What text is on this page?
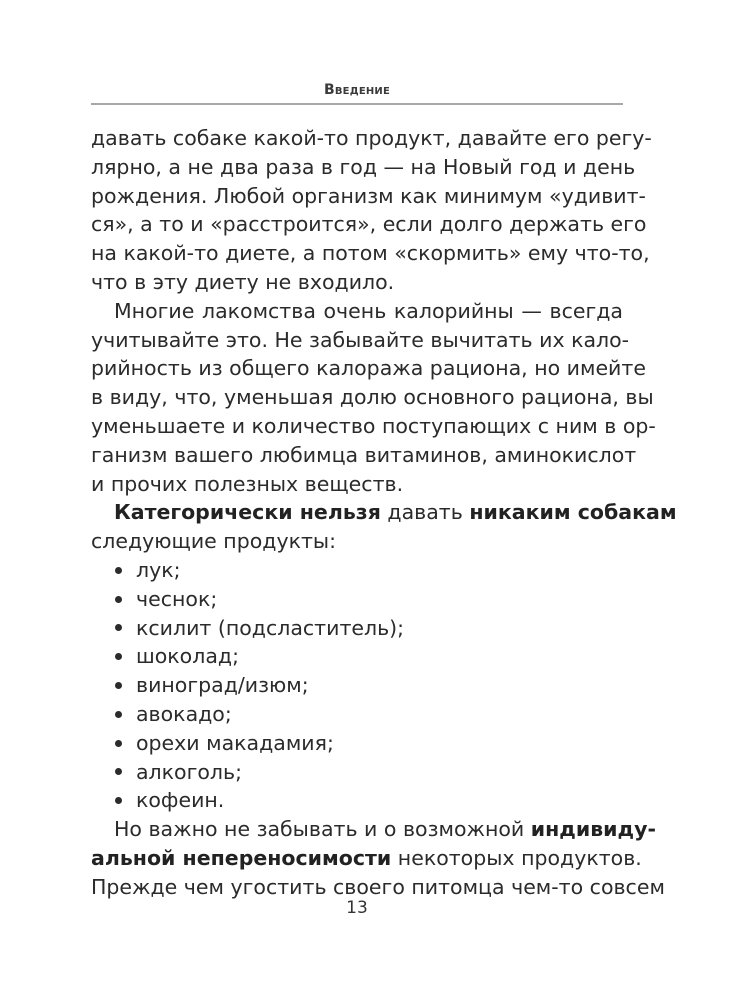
Введение

давать собаке какой-то продукт, давайте его регу-
лярно, а не два раза в год — на Новый год и день
рождения. Любой организм как минимум «удивит-
ся», а то и «расстроится», если долго держать его
на какой-то диете, а потом «скормить» ему что-то,
что в эту диету не входило.

Многие лакомства очень калорийны — всегда
учитывайте это. Не забывайте вычитать их кало-
рийность из общего калоража рациона, но имейте
в виду, что, уменьшая долю основного рациона, вы
уменьшаете и количество поступающих с ним в ор-
ганизм вашего любимца витаминов, аминокислот
и прочих полезных веществ.

Категорически нельзя давать никаким собакам
следующие продукты:

лук;
чеснок;
ксилит (подсластитель);
шоколад;
виноград/изюм;
авокадо;
орехи макадамия;
алкоголь;
кофеин.

Но важно не забывать и о возможной индивиду-
альной непереносимости некоторых продуктов.
Прежде чем угостить своего питомца чем-то совсем

13
